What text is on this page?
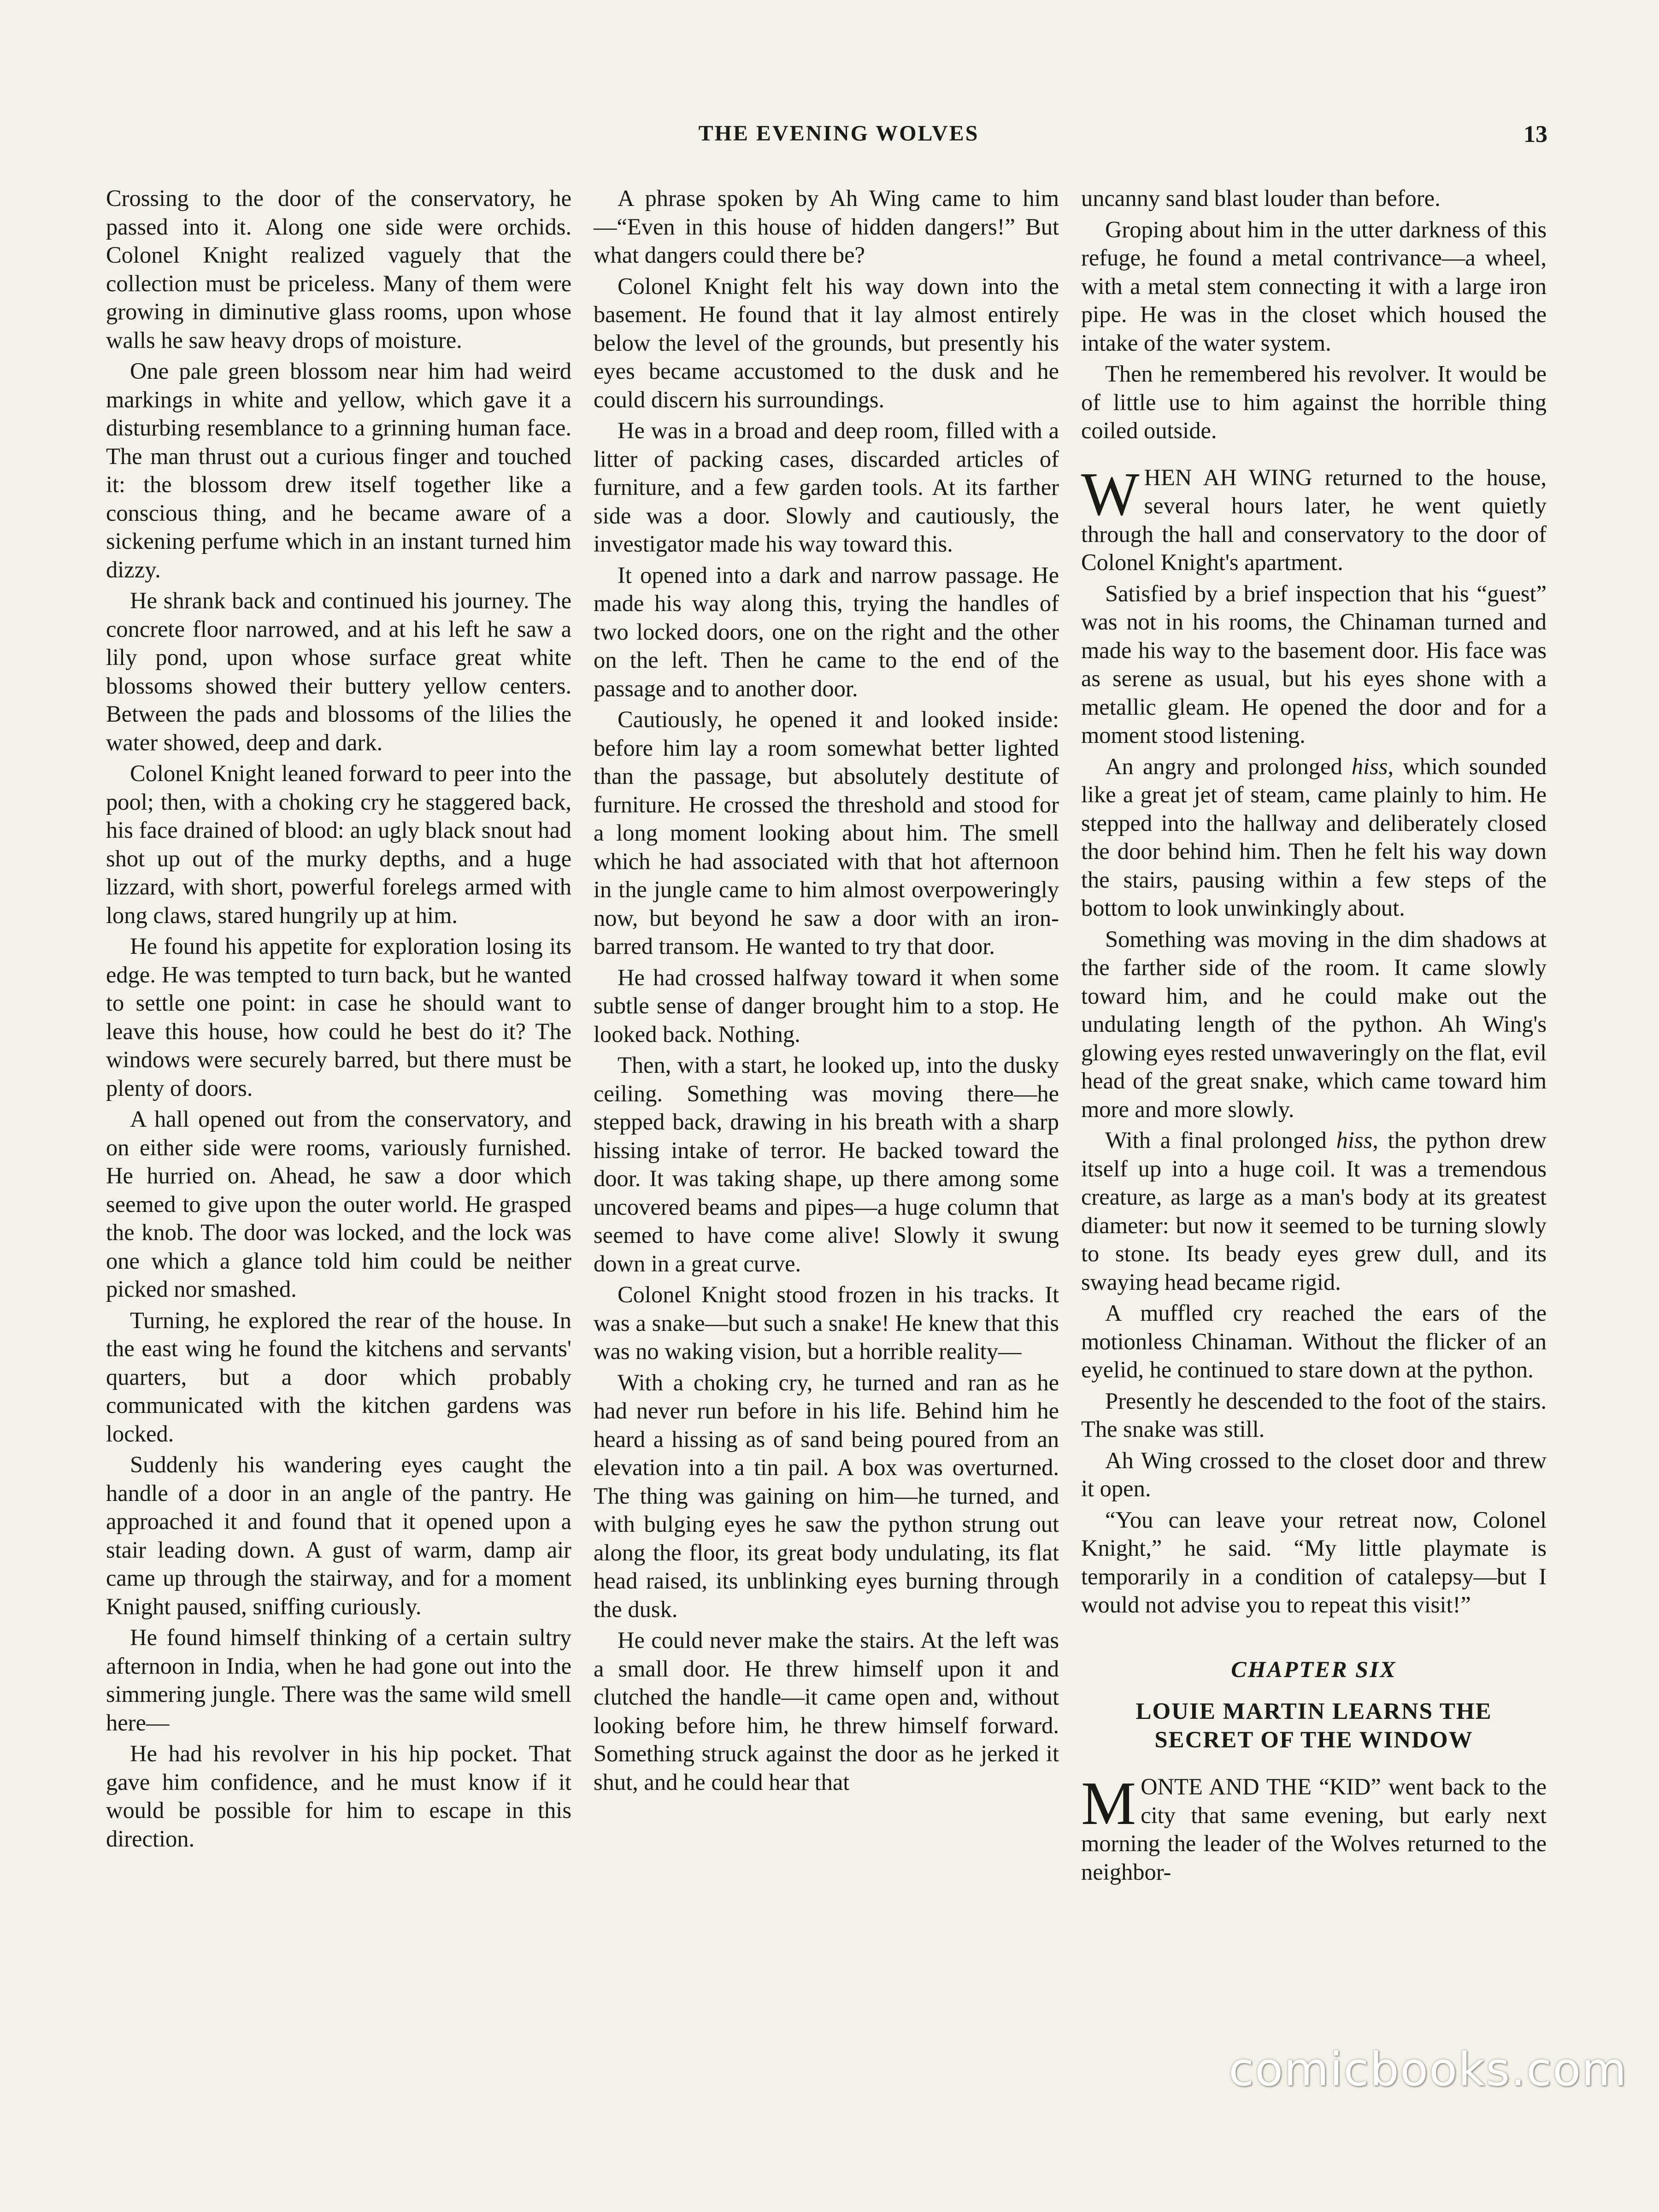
THE EVENING WOLVES	13

Crossing to the door of the conservatory, he passed into it. Along one side were orchids. Colonel Knight realized vaguely that the collection must be priceless. Many of them were growing in diminutive glass rooms, upon whose walls he saw heavy drops of moisture.

One pale green blossom near him had weird markings in white and yellow, which gave it a disturbing resemblance to a grinning human face. The man thrust out a curious finger and touched it: the blossom drew itself together like a conscious thing, and he became aware of a sickening perfume which in an instant turned him dizzy.

He shrank back and continued his journey. The concrete floor narrowed, and at his left he saw a lily pond, upon whose surface great white blossoms showed their buttery yellow centers. Between the pads and blossoms of the lilies the water showed, deep and dark.

Colonel Knight leaned forward to peer into the pool; then, with a choking cry he staggered back, his face drained of blood: an ugly black snout had shot up out of the murky depths, and a huge lizzard, with short, powerful forelegs armed with long claws, stared hungrily up at him.

He found his appetite for exploration losing its edge. He was tempted to turn back, but he wanted to settle one point: in case he should want to leave this house, how could he best do it? The windows were securely barred, but there must be plenty of doors.

A hall opened out from the conservatory, and on either side were rooms, variously furnished. He hurried on. Ahead, he saw a door which seemed to give upon the outer world. He grasped the knob. The door was locked, and the lock was one which a glance told him could be neither picked nor smashed.

Turning, he explored the rear of the house. In the east wing he found the kitchens and servants' quarters, but a door which probably communicated with the kitchen gardens was locked.

Suddenly his wandering eyes caught the handle of a door in an angle of the pantry. He approached it and found that it opened upon a stair leading down. A gust of warm, damp air came up through the stairway, and for a moment Knight paused, sniffing curiously.

He found himself thinking of a certain sultry afternoon in India, when he had gone out into the simmering jungle. There was the same wild smell here—

He had his revolver in his hip pocket. That gave him confidence, and he must know if it would be possible for him to escape in this direction.

A phrase spoken by Ah Wing came to him—“Even in this house of hidden dangers!” But what dangers could there be?

Colonel Knight felt his way down into the basement. He found that it lay almost entirely below the level of the grounds, but presently his eyes became accustomed to the dusk and he could discern his surroundings.

He was in a broad and deep room, filled with a litter of packing cases, discarded articles of furniture, and a few garden tools. At its farther side was a door. Slowly and cautiously, the investigator made his way toward this.

It opened into a dark and narrow passage. He made his way along this, trying the handles of two locked doors, one on the right and the other on the left. Then he came to the end of the passage and to another door.

Cautiously, he opened it and looked inside: before him lay a room somewhat better lighted than the passage, but absolutely destitute of furniture. He crossed the threshold and stood for a long moment looking about him. The smell which he had associated with that hot afternoon in the jungle came to him almost overpoweringly now, but beyond he saw a door with an iron-barred transom. He wanted to try that door.

He had crossed halfway toward it when some subtle sense of danger brought him to a stop. He looked back. Nothing.

Then, with a start, he looked up, into the dusky ceiling. Something was moving there—he stepped back, drawing in his breath with a sharp hissing intake of terror. He backed toward the door. It was taking shape, up there among some uncovered beams and pipes—a huge column that seemed to have come alive! Slowly it swung down in a great curve.

Colonel Knight stood frozen in his tracks. It was a snake—but such a snake! He knew that this was no waking vision, but a horrible reality—

With a choking cry, he turned and ran as he had never run before in his life. Behind him he heard a hissing as of sand being poured from an elevation into a tin pail. A box was overturned. The thing was gaining on him—he turned, and with bulging eyes he saw the python strung out along the floor, its great body undulating, its flat head raised, its unblinking eyes burning through the dusk.

He could never make the stairs. At the left was a small door. He threw himself upon it and clutched the handle—it came open and, without looking before him, he threw himself forward. Something struck against the door as he jerked it shut, and he could hear that

uncanny sand blast louder than before.

Groping about him in the utter darkness of this refuge, he found a metal contrivance—a wheel, with a metal stem connecting it with a large iron pipe. He was in the closet which housed the intake of the water system.

Then he remembered his revolver. It would be of little use to him against the horrible thing coiled outside.

WHEN AH WING returned to the house, several hours later, he went quietly through the hall and conservatory to the door of Colonel Knight's apartment.

Satisfied by a brief inspection that his “guest” was not in his rooms, the Chinaman turned and made his way to the basement door. His face was as serene as usual, but his eyes shone with a metallic gleam. He opened the door and for a moment stood listening.

An angry and prolonged hiss, which sounded like a great jet of steam, came plainly to him. He stepped into the hallway and deliberately closed the door behind him. Then he felt his way down the stairs, pausing within a few steps of the bottom to look unwinkingly about.

Something was moving in the dim shadows at the farther side of the room. It came slowly toward him, and he could make out the undulating length of the python. Ah Wing's glowing eyes rested unwaveringly on the flat, evil head of the great snake, which came toward him more and more slowly.

With a final prolonged hiss, the python drew itself up into a huge coil. It was a tremendous creature, as large as a man's body at its greatest diameter: but now it seemed to be turning slowly to stone. Its beady eyes grew dull, and its swaying head became rigid.

A muffled cry reached the ears of the motionless Chinaman. Without the flicker of an eyelid, he continued to stare down at the python.

Presently he descended to the foot of the stairs. The snake was still.

Ah Wing crossed to the closet door and threw it open.

“You can leave your retreat now, Colonel Knight,” he said. “My little playmate is temporarily in a condition of catalepsy—but I would not advise you to repeat this visit!”

CHAPTER SIX
LOUIE MARTIN LEARNS THE
SECRET OF THE WINDOW

MONTE AND THE “KID” went back to the city that same evening, but early next morning the leader of the Wolves returned to the neighbor-

comicbooks.com
